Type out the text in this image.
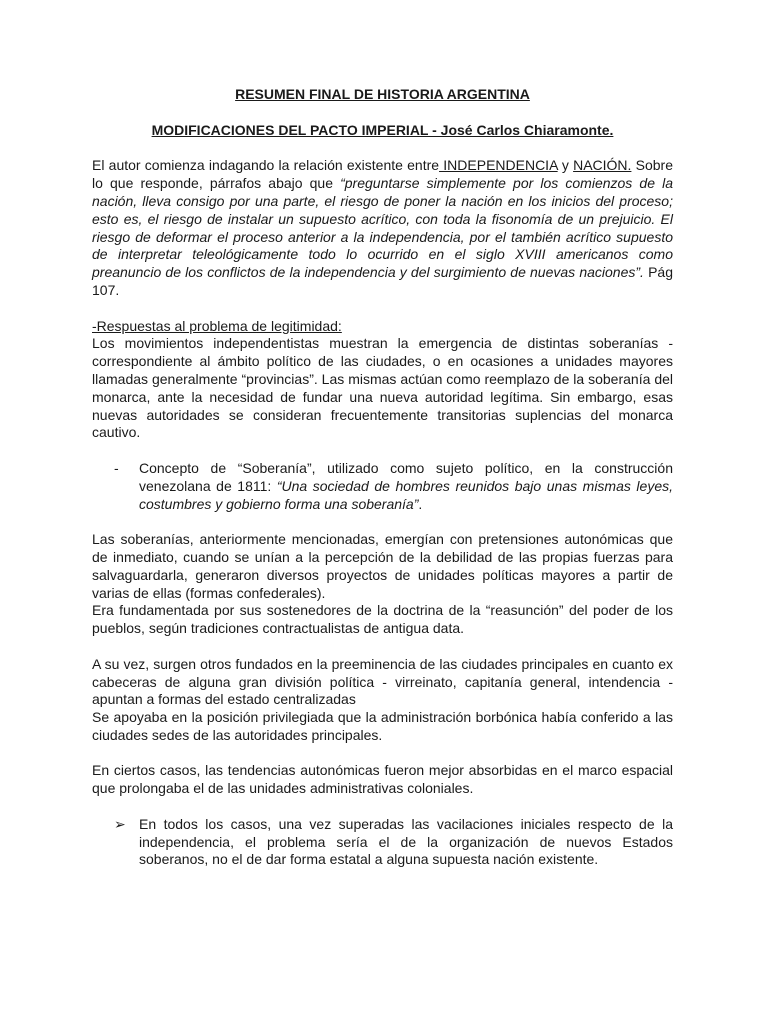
RESUMEN FINAL DE HISTORIA ARGENTINA

MODIFICACIONES DEL PACTO IMPERIAL - José Carlos Chiaramonte.

El autor comienza indagando la relación existente entre INDEPENDENCIA y NACIÓN. Sobre lo que responde, párrafos abajo que “preguntarse simplemente por los comienzos de la nación, lleva consigo por una parte, el riesgo de poner la nación en los inicios del proceso; esto es, el riesgo de instalar un supuesto acrítico, con toda la fisonomía de un prejuicio. El riesgo de deformar el proceso anterior a la independencia, por el también acrítico supuesto de interpretar teleológicamente todo lo ocurrido en el siglo XVIII americanos como preanuncio de los conflictos de la independencia y del surgimiento de nuevas naciones”. Pág 107.

-Respuestas al problema de legitimidad:

Los movimientos independentistas muestran la emergencia de distintas soberanías - correspondiente al ámbito político de las ciudades, o en ocasiones a unidades mayores llamadas generalmente “provincias”. Las mismas actúan como reemplazo de la soberanía del monarca, ante la necesidad de fundar una nueva autoridad legítima. Sin embargo, esas nuevas autoridades se consideran frecuentemente transitorias suplencias del monarca cautivo.

-	Concepto de “Soberanía”, utilizado como sujeto político, en la construcción venezolana de 1811: “Una sociedad de hombres reunidos bajo unas mismas leyes, costumbres y gobierno forma una soberanía”.

Las soberanías, anteriormente mencionadas, emergían con pretensiones autonómicas que de inmediato, cuando se unían a la percepción de la debilidad de las propias fuerzas para salvaguardarla, generaron diversos proyectos de unidades políticas mayores a partir de varias de ellas (formas confederales).

Era fundamentada por sus sostenedores de la doctrina de la “reasunción” del poder de los pueblos, según tradiciones contractualistas de antigua data.

A su vez, surgen otros fundados en la preeminencia de las ciudades principales en cuanto ex cabeceras de alguna gran división política - virreinato, capitanía general, intendencia - apuntan a formas del estado centralizadas

Se apoyaba en la posición privilegiada que la administración borbónica había conferido a las ciudades sedes de las autoridades principales.

En ciertos casos, las tendencias autonómicas fueron mejor absorbidas en el marco espacial que prolongaba el de las unidades administrativas coloniales.

➢ En todos los casos, una vez superadas las vacilaciones iniciales respecto de la independencia, el problema sería el de la organización de nuevos Estados soberanos, no el de dar forma estatal a alguna supuesta nación existente.
